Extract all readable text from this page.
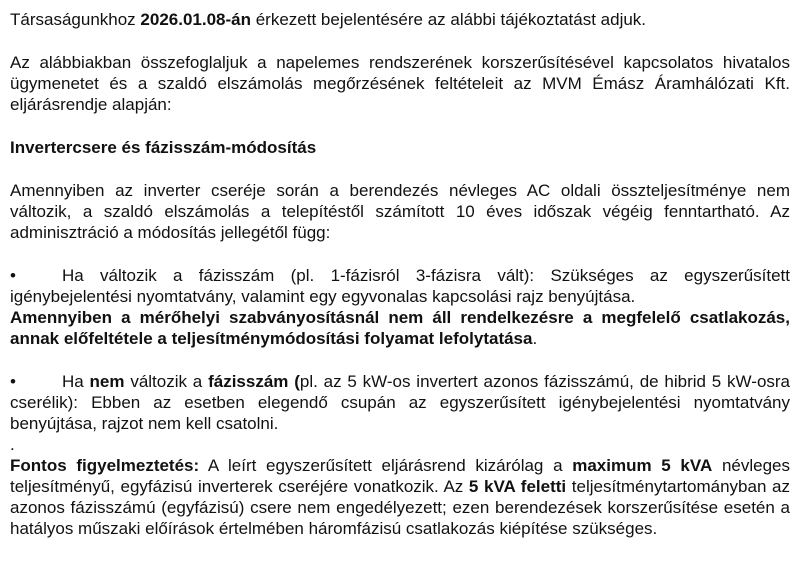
Társaságunkhoz 2026.01.08-án érkezett bejelentésére az alábbi tájékoztatást adjuk.

Az alábbiakban összefoglaljuk a napelemes rendszerének korszerűsítésével kapcsolatos hivatalos ügymenetet és a szaldó elszámolás megőrzésének feltételeit az MVM Émász Áramhálózati Kft. eljárásrendje alapján:

Invertercsere és fázisszám-módosítás

Amennyiben az inverter cseréje során a berendezés névleges AC oldali összteljesítménye nem változik, a szaldó elszámolás a telepítéstől számított 10 éves időszak végéig fenntartható. Az adminisztráció a módosítás jellegétől függ:

•	Ha változik a fázisszám (pl. 1-fázisról 3-fázisra vált): Szükséges az egyszerűsített igénybejelentési nyomtatvány, valamint egy egyvonalas kapcsolási rajz benyújtása.

Amennyiben a mérőhelyi szabványosításnál nem áll rendelkezésre a megfelelő csatlakozás, annak előfeltétele a teljesítménymódosítási folyamat lefolytatása.

•	Ha nem változik a fázisszám (pl. az 5 kW-os invertert azonos fázisszámú, de hibrid 5 kW-osra cserélik): Ebben az esetben elegendő csupán az egyszerűsített igénybejelentési nyomtatvány benyújtása, rajzot nem kell csatolni.

.

Fontos figyelmeztetés: A leírt egyszerűsített eljárásrend kizárólag a maximum 5 kVA névleges teljesítményű, egyfázisú inverterek cseréjére vonatkozik. Az 5 kVA feletti teljesítménytartományban az azonos fázisszámú (egyfázisú) csere nem engedélyezett; ezen berendezések korszerűsítése esetén a hatályos műszaki előírások értelmében háromfázisú csatlakozás kiépítése szükséges.
